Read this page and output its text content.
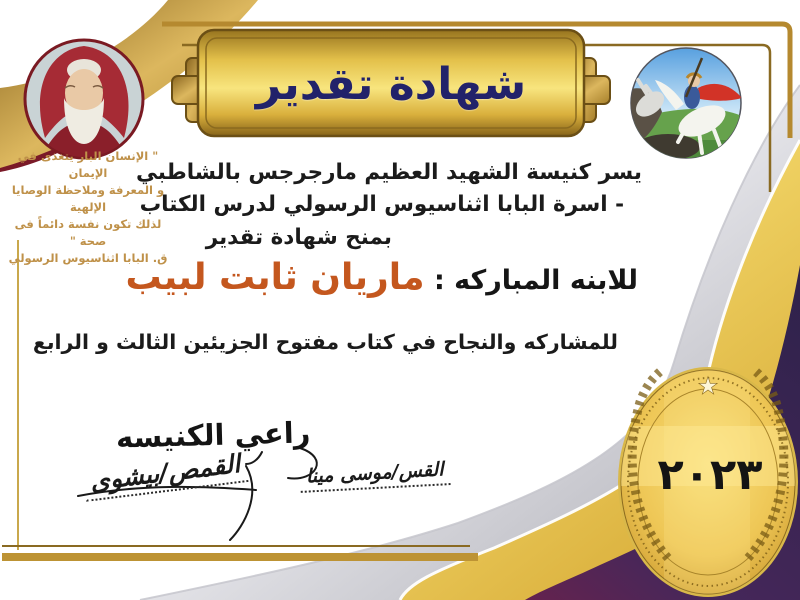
★
شهادة تقدير
" الإنسان البار يتغذى في الإيمان
و المعرفة وملاحظة الوصايا الإلهية
لذلك تكون نفسة دائماً فى صحة "
ق. البابا اثناسيوس الرسولي
يسر كنيسة الشهيد العظيم مارجرجس بالشاطبي
- اسرة البابا اثناسيوس الرسولي لدرس الكتاب
بمنح شهادة تقدير
للابنه المباركه : ماريان ثابت لبيب
للمشاركه والنجاح في كتاب مفتوح الجزيئين الثالث و الرابع
راعي الكنيسه
القس/موسى مينا
القمص/بيشوى	٢٠٢٣
